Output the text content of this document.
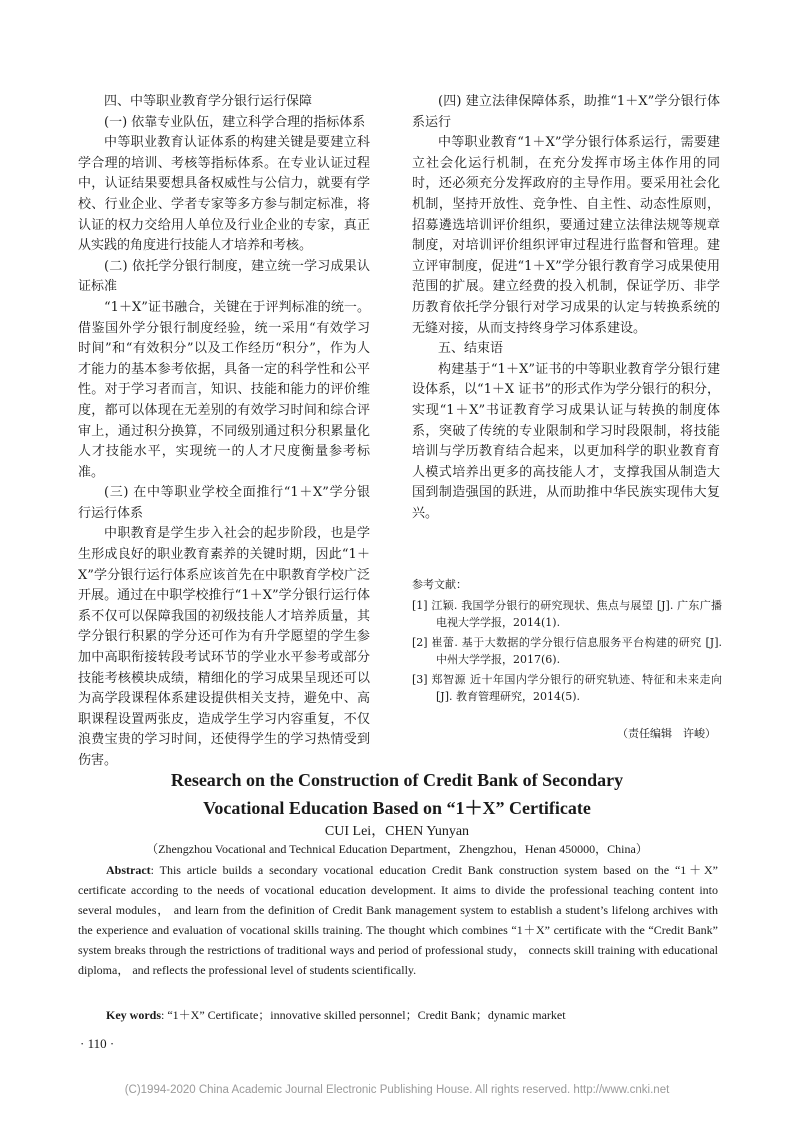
四、中等职业教育学分银行运行保障

(一) 依靠专业队伍，建立科学合理的指标体系

中等职业教育认证体系的构建关键是要建立科学合理的培训、考核等指标体系。在专业认证过程中，认证结果要想具备权威性与公信力，就要有学校、行业企业、学者专家等多方参与制定标准，将认证的权力交给用人单位及行业企业的专家，真正从实践的角度进行技能人才培养和考核。

(二) 依托学分银行制度，建立统一学习成果认证标准

“1＋X”证书融合，关键在于评判标准的统一。借鉴国外学分银行制度经验，统一采用“有效学习时间”和“有效积分”以及工作经历“积分”，作为人才能力的基本参考依据，具备一定的科学性和公平性。对于学习者而言，知识、技能和能力的评价维度，都可以体现在无差别的有效学习时间和综合评审上，通过积分换算，不同级别通过积分积累量化人才技能水平，实现统一的人才尺度衡量参考标准。

(三) 在中等职业学校全面推行“1＋X”学分银行运行体系

中职教育是学生步入社会的起步阶段，也是学生形成良好的职业教育素养的关键时期，因此“1＋X”学分银行运行体系应该首先在中职教育学校广泛开展。通过在中职学校推行“1＋X”学分银行运行体系不仅可以保障我国的初级技能人才培养质量，其学分银行积累的学分还可作为有升学愿望的学生参加中高职衔接转段考试环节的学业水平参考或部分技能考核模块成绩，精细化的学习成果呈现还可以为高学段课程体系建设提供相关支持，避免中、高职课程设置两张皮，造成学生学习内容重复，不仅浪费宝贵的学习时间，还使得学生的学习热情受到伤害。

(四) 建立法律保障体系，助推“1＋X”学分银行体系运行

中等职业教育“1＋X”学分银行体系运行，需要建立社会化运行机制，在充分发挥市场主体作用的同时，还必须充分发挥政府的主导作用。要采用社会化机制，坚持开放性、竞争性、自主性、动态性原则，招募遴选培训评价组织，要通过建立法律法规等规章制度，对培训评价组织评审过程进行监督和管理。建立评审制度，促进“1＋X”学分银行教育学习成果使用范围的扩展。建立经费的投入机制，保证学历、非学历教育依托学分银行对学习成果的认定与转换系统的无缝对接，从而支持终身学习体系建设。

五、结束语

构建基于“1＋X”证书的中等职业教育学分银行建设体系，以“1＋X 证书”的形式作为学分银行的积分，实现“1＋X”书证教育学习成果认证与转换的制度体系，突破了传统的专业限制和学习时段限制，将技能培训与学历教育结合起来，以更加科学的职业教育育人模式培养出更多的高技能人才，支撑我国从制造大国到制造强国的跃进，从而助推中华民族实现伟大复兴。

参考文献：

[1] 江颖. 我国学分银行的研究现状、焦点与展望 [J]. 广东广播电视大学学报，2014(1).

[2] 崔蕾. 基于大数据的学分银行信息服务平台构建的研究 [J]. 中州大学学报，2017(6).

[3] 郑智源 近十年国内学分银行的研究轨迹、特征和未来走向 [J]. 教育管理研究，2014(5).

（责任编辑　许峻）
Research on the Construction of Credit Bank of Secondary
Vocational Education Based on “1＋X” Certificate
CUI Lei，CHEN Yunyan
（Zhengzhou Vocational and Technical Education Department，Zhengzhou，Henan 450000，China）
Abstract: This article builds a secondary vocational education Credit Bank construction system based on the “1＋X” certificate according to the needs of vocational education development. It aims to divide the professional teaching content into several modules， and learn from the definition of Credit Bank management system to establish a student’s lifelong archives with the experience and evaluation of vocational skills training. The thought which combines “1＋X” certificate with the “Credit Bank” system breaks through the restrictions of traditional ways and period of professional study， connects skill training with educational diploma， and reflects the professional level of students scientifically.
Key words: “1＋X” Certificate；innovative skilled personnel；Credit Bank；dynamic market
· 110 ·
(C)1994-2020 China Academic Journal Electronic Publishing House. All rights reserved. http://www.cnki.net
